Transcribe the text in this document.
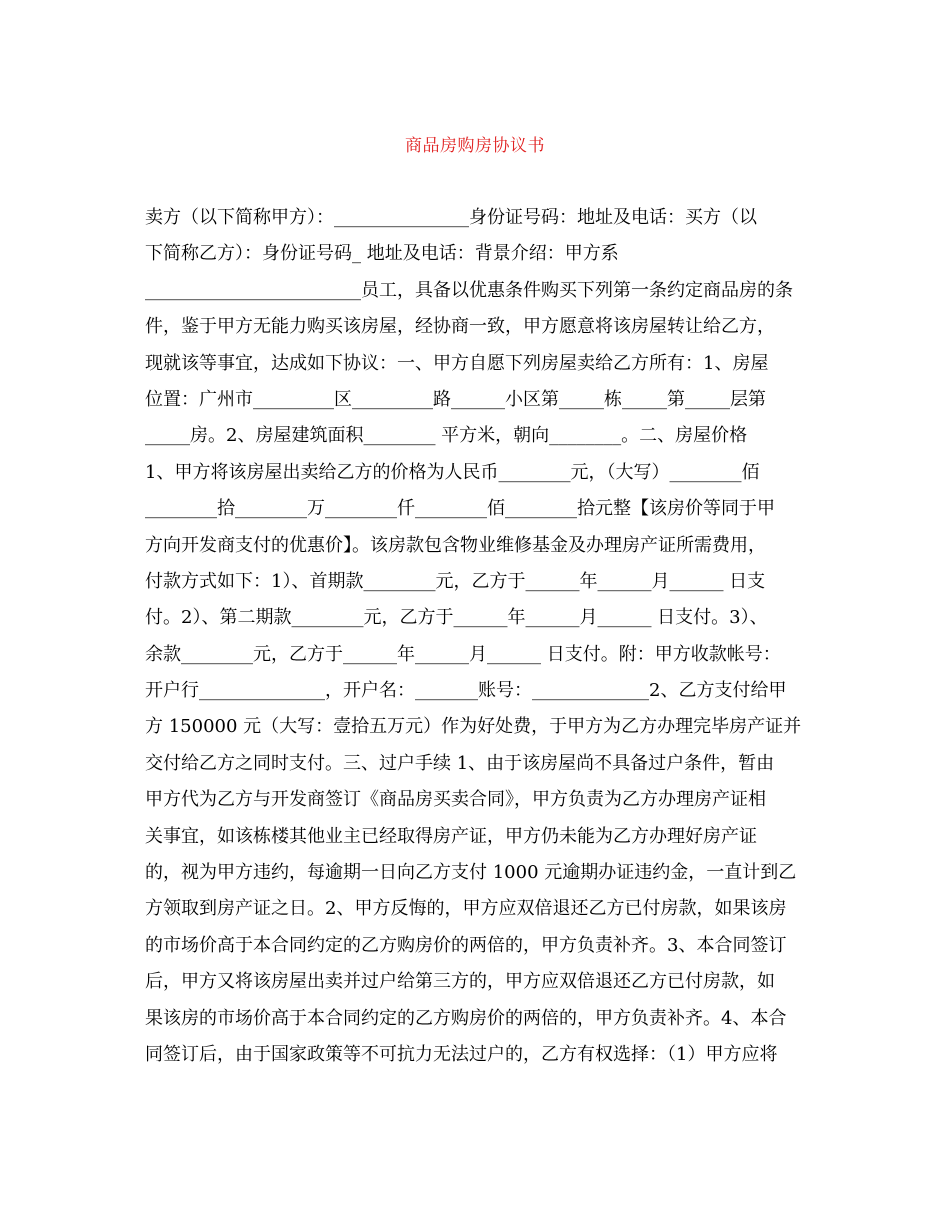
商品房购房协议书
卖方（以下简称甲方）：_______________身份证号码：地址及电话：买方（以
下简称乙方）：身份证号码_ 地址及电话：背景介绍：甲方系
________________________员工，具备以优惠条件购买下列第一条约定商品房的条
件，鉴于甲方无能力购买该房屋，经协商一致，甲方愿意将该房屋转让给乙方，
现就该等事宜，达成如下协议：一、甲方自愿下列房屋卖给乙方所有：1、房屋
位置：广州市_________区_________路______小区第_____栋_____第_____层第
_____房。2、房屋建筑面积________ 平方米，朝向________。二、房屋价格
1、甲方将该房屋出卖给乙方的价格为人民币________元，（大写）________佰
________拾________万________仟________佰________拾元整【该房价等同于甲
方向开发商支付的优惠价】。该房款包含物业维修基金及办理房产证所需费用，
付款方式如下：1）、首期款________元，乙方于______年______月______ 日支
付。2）、第二期款________元，乙方于______年______月______ 日支付。3）、
余款________元，乙方于______年______月______ 日支付。附：甲方收款帐号：
开户行______________，开户名：_______账号：_____________2、乙方支付给甲
方 150000 元（大写：壹拾五万元）作为好处费，于甲方为乙方办理完毕房产证并
交付给乙方之同时支付。三、过户手续 1、由于该房屋尚不具备过户条件，暂由
甲方代为乙方与开发商签订《商品房买卖合同》，甲方负责为乙方办理房产证相
关事宜，如该栋楼其他业主已经取得房产证，甲方仍未能为乙方办理好房产证
的，视为甲方违约，每逾期一日向乙方支付 1000 元逾期办证违约金，一直计到乙
方领取到房产证之日。2、甲方反悔的，甲方应双倍退还乙方已付房款，如果该房
的市场价高于本合同约定的乙方购房价的两倍的，甲方负责补齐。3、本合同签订
后，甲方又将该房屋出卖并过户给第三方的，甲方应双倍退还乙方已付房款，如
果该房的市场价高于本合同约定的乙方购房价的两倍的，甲方负责补齐。4、本合
同签订后，由于国家政策等不可抗力无法过户的，乙方有权选择：（1）甲方应将
